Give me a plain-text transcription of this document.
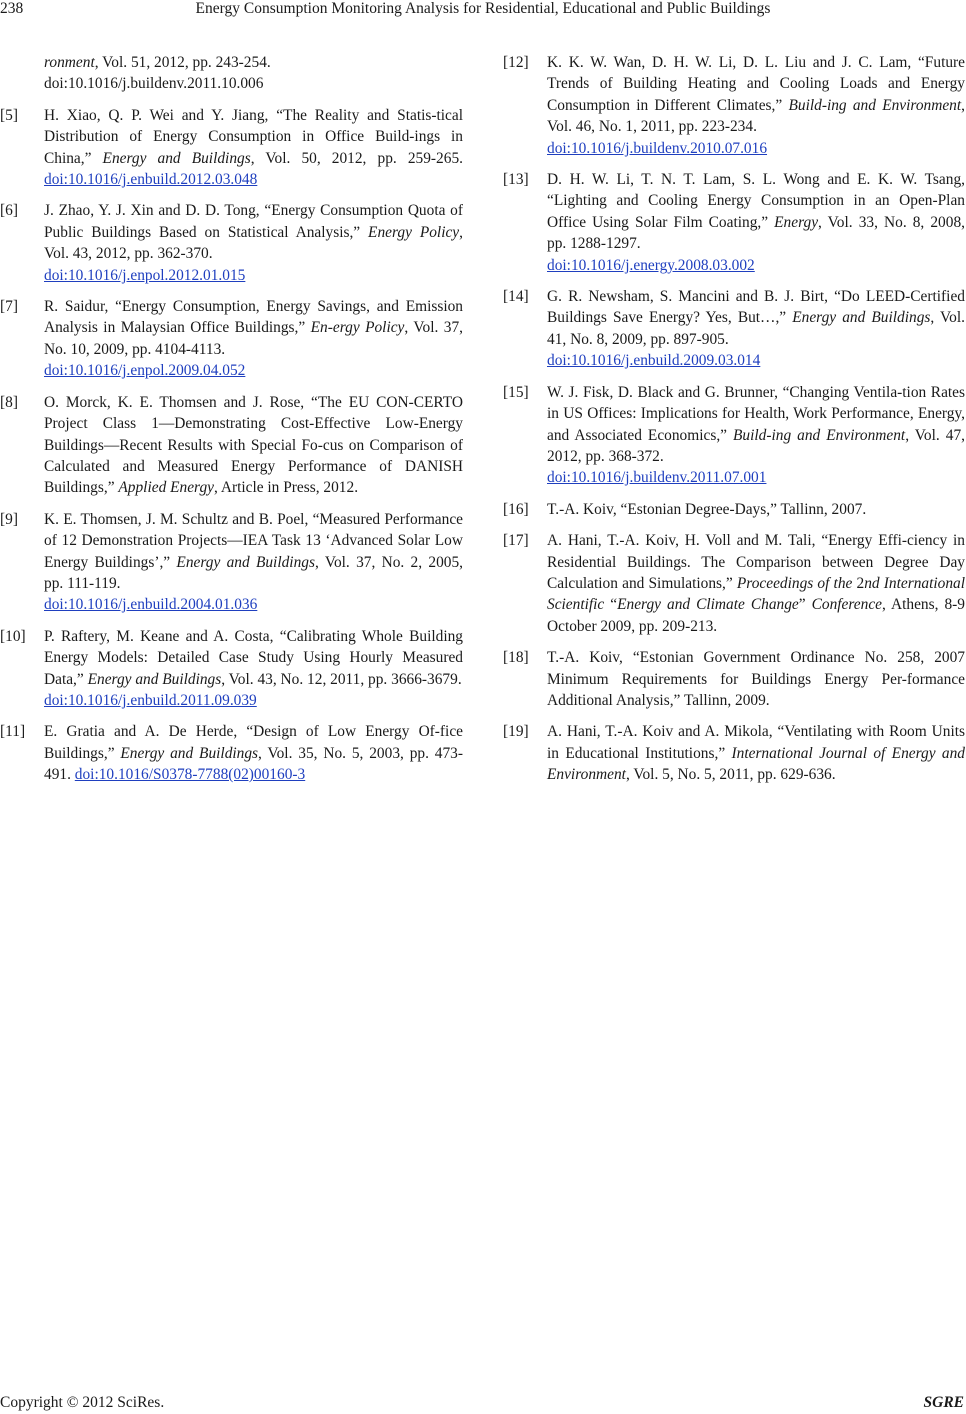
238	Energy Consumption Monitoring Analysis for Residential, Educational and Public Buildings
ronment, Vol. 51, 2012, pp. 243-254. doi:10.1016/j.buildenv.2011.10.006
[5] H. Xiao, Q. P. Wei and Y. Jiang, “The Reality and Statis-tical Distribution of Energy Consumption in Office Build-ings in China,” Energy and Buildings, Vol. 50, 2012, pp. 259-265. doi:10.1016/j.enbuild.2012.03.048
[6] J. Zhao, Y. J. Xin and D. D. Tong, “Energy Consumption Quota of Public Buildings Based on Statistical Analysis,” Energy Policy, Vol. 43, 2012, pp. 362-370.
doi:10.1016/j.enpol.2012.01.015
[7] R. Saidur, “Energy Consumption, Energy Savings, and Emission Analysis in Malaysian Office Buildings,” En-ergy Policy, Vol. 37, No. 10, 2009, pp. 4104-4113.
doi:10.1016/j.enpol.2009.04.052
[8] O. Morck, K. E. Thomsen and J. Rose, “The EU CON-CERTO Project Class 1—Demonstrating Cost-Effective Low-Energy Buildings—Recent Results with Special Fo-cus on Comparison of Calculated and Measured Energy Performance of DANISH Buildings,” Applied Energy, Article in Press, 2012.
[9] K. E. Thomsen, J. M. Schultz and B. Poel, “Measured Performance of 12 Demonstration Projects—IEA Task 13 ‘Advanced Solar Low Energy Buildings’,” Energy and Buildings, Vol. 37, No. 2, 2005, pp. 111-119.
doi:10.1016/j.enbuild.2004.01.036
[10] P. Raftery, M. Keane and A. Costa, “Calibrating Whole Building Energy Models: Detailed Case Study Using Hourly Measured Data,” Energy and Buildings, Vol. 43, No. 12, 2011, pp. 3666-3679.
doi:10.1016/j.enbuild.2011.09.039
[11] E. Gratia and A. De Herde, “Design of Low Energy Of-fice Buildings,” Energy and Buildings, Vol. 35, No. 5, 2003, pp. 473-491. doi:10.1016/S0378-7788(02)00160-3
[12] K. K. W. Wan, D. H. W. Li, D. L. Liu and J. C. Lam, “Future Trends of Building Heating and Cooling Loads and Energy Consumption in Different Climates,” Build-ing and Environment, Vol. 46, No. 1, 2011, pp. 223-234.
doi:10.1016/j.buildenv.2010.07.016
[13] D. H. W. Li, T. N. T. Lam, S. L. Wong and E. K. W. Tsang, “Lighting and Cooling Energy Consumption in an Open-Plan Office Using Solar Film Coating,” Energy, Vol. 33, No. 8, 2008, pp. 1288-1297.
doi:10.1016/j.energy.2008.03.002
[14] G. R. Newsham, S. Mancini and B. J. Birt, “Do LEED-Certified Buildings Save Energy? Yes, But…,” Energy and Buildings, Vol. 41, No. 8, 2009, pp. 897-905.
doi:10.1016/j.enbuild.2009.03.014
[15] W. J. Fisk, D. Black and G. Brunner, “Changing Ventila-tion Rates in US Offices: Implications for Health, Work Performance, Energy, and Associated Economics,” Build-ing and Environment, Vol. 47, 2012, pp. 368-372.
doi:10.1016/j.buildenv.2011.07.001
[16] T.-A. Koiv, “Estonian Degree-Days,” Tallinn, 2007.
[17] A. Hani, T.-A. Koiv, H. Voll and M. Tali, “Energy Effi-ciency in Residential Buildings. The Comparison between Degree Day Calculation and Simulations,” Proceedings of the 2nd International Scientific “Energy and Climate Change” Conference, Athens, 8-9 October 2009, pp. 209-213.
[18] T.-A. Koiv, “Estonian Government Ordinance No. 258, 2007 Minimum Requirements for Buildings Energy Per-formance Additional Analysis,” Tallinn, 2009.
[19] A. Hani, T.-A. Koiv and A. Mikola, “Ventilating with Room Units in Educational Institutions,” International Journal of Energy and Environment, Vol. 5, No. 5, 2011, pp. 629-636.
Copyright © 2012 SciRes.	SGRE
